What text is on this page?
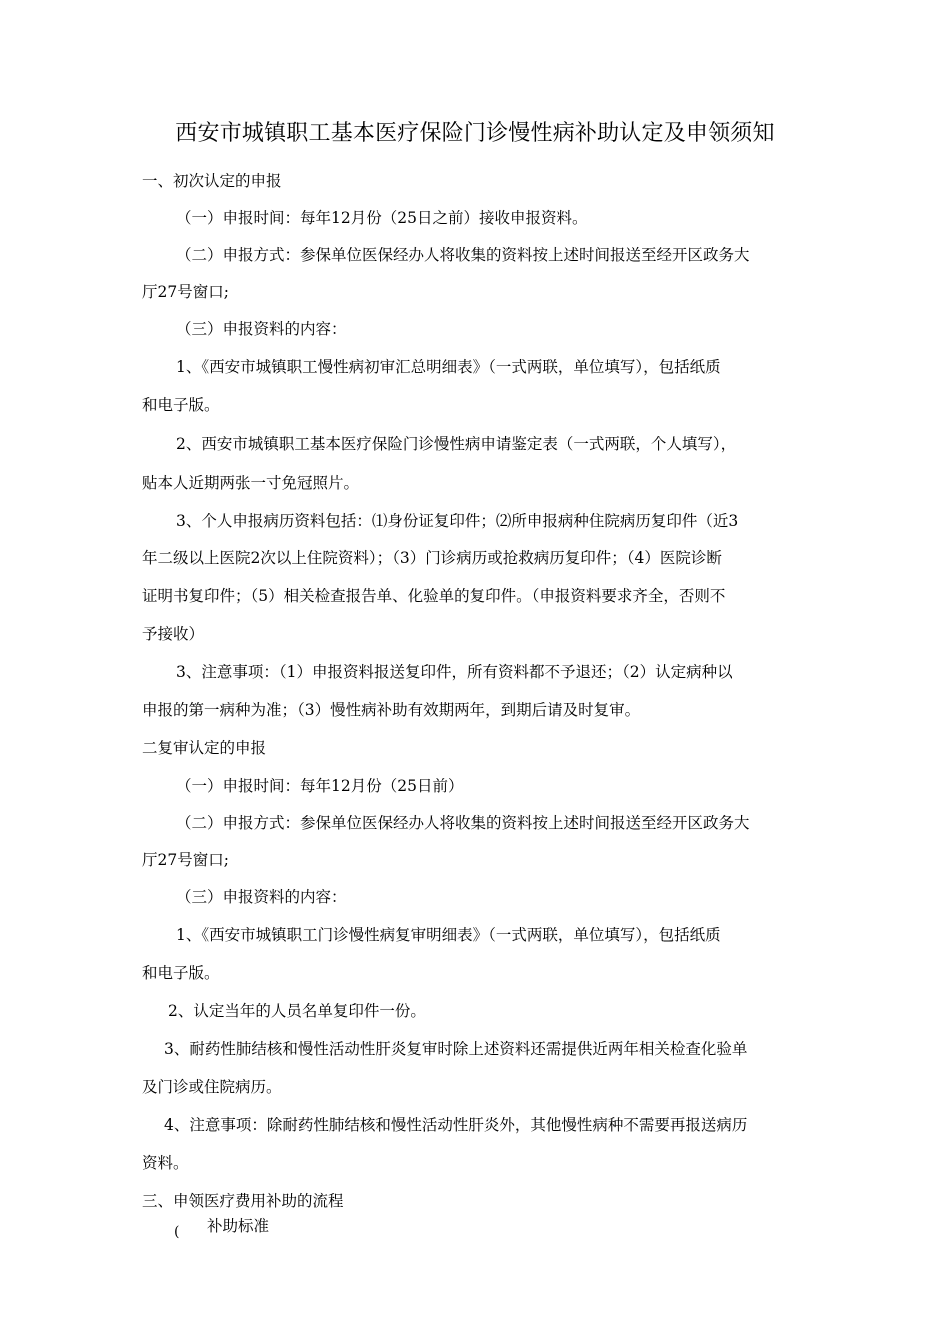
西安市城镇职工基本医疗保险门诊慢性病补助认定及申领须知
一、初次认定的申报
（一）申报时间：每年12月份（25日之前）接收申报资料。
（二）申报方式：参保单位医保经办人将收集的资料按上述时间报送至经开区政务大
厅27号窗口;
（三）申报资料的内容：
1、《西安市城镇职工慢性病初审汇总明细表》（一式两联，单位填写），包括纸质
和电子版。
2、西安市城镇职工基本医疗保险门诊慢性病申请鉴定表（一式两联，个人填写），
贴本人近期两张一寸免冠照片。
3、个人申报病历资料包括：⑴身份证复印件；⑵所申报病种住院病历复印件（近3
年二级以上医院2次以上住院资料）；（3）门诊病历或抢救病历复印件；（4）医院诊断
证明书复印件；（5）相关检查报告单、化验单的复印件。（申报资料要求齐全，否则不
予接收）
3、注意事项：（1）申报资料报送复印件，所有资料都不予退还；（2）认定病种以
申报的第一病种为准；（3）慢性病补助有效期两年，到期后请及时复审。
二复审认定的申报
（一）申报时间：每年12月份（25日前）
（二）申报方式：参保单位医保经办人将收集的资料按上述时间报送至经开区政务大
厅27号窗口;
（三）申报资料的内容：
1、《西安市城镇职工门诊慢性病复审明细表》（一式两联，单位填写），包括纸质
和电子版。
2、认定当年的人员名单复印件一份。
3、耐药性肺结核和慢性活动性肝炎复审时除上述资料还需提供近两年相关检查化验单
及门诊或住院病历。
4、注意事项：除耐药性肺结核和慢性活动性肝炎外，其他慢性病种不需要再报送病历
资料。
三、申领医疗费用补助的流程
( 补助标准
